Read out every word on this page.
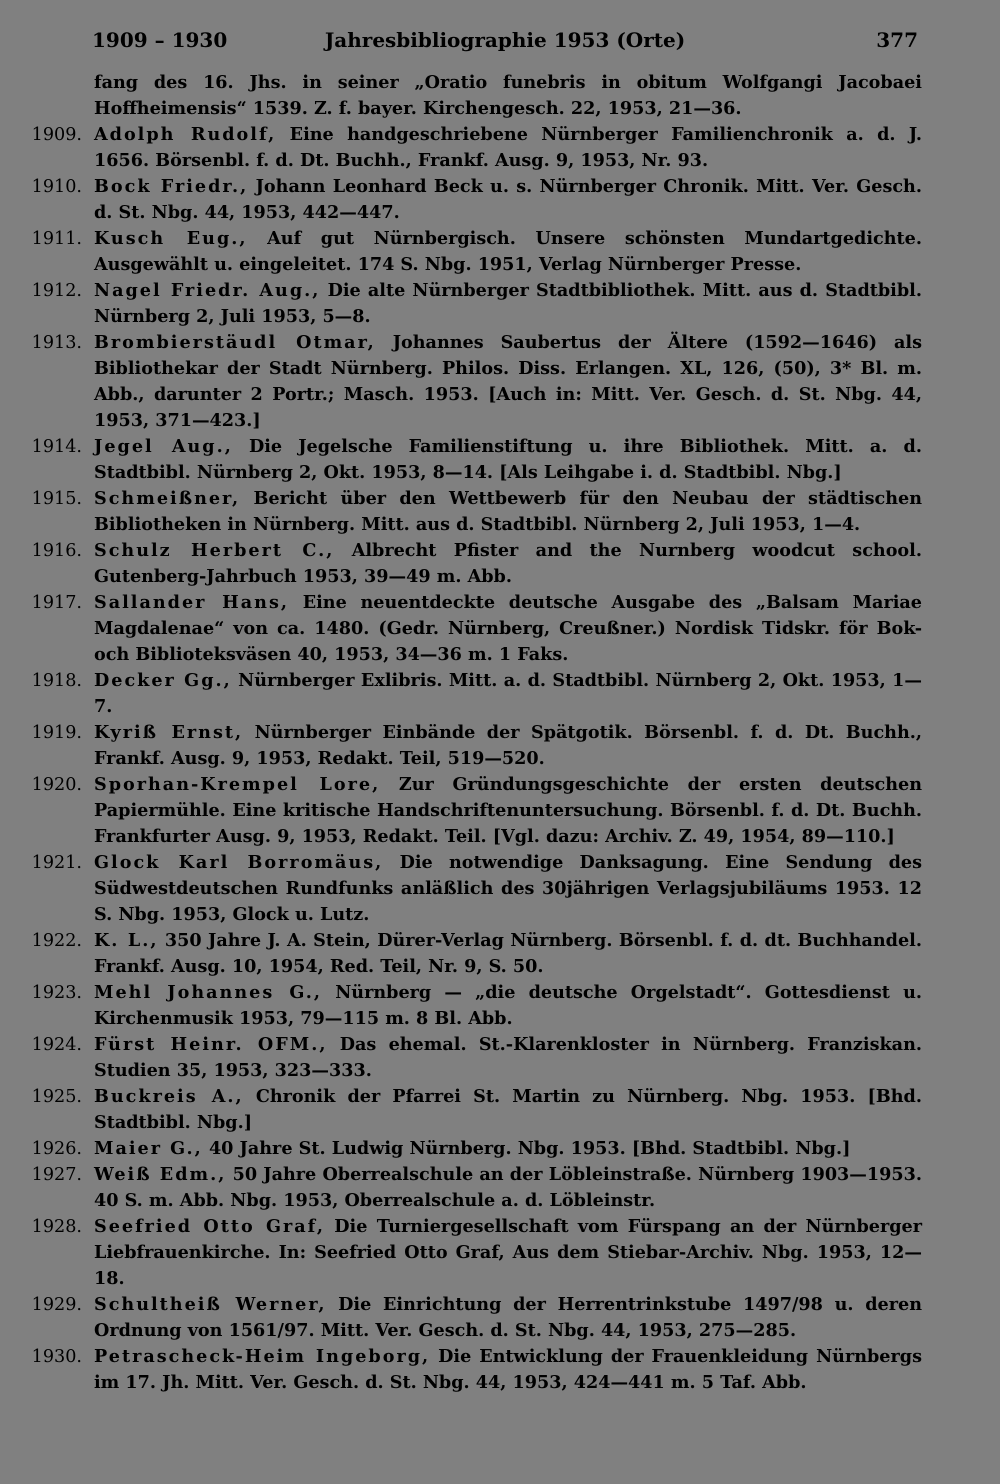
1909 – 1930	Jahresbibliographie 1953 (Orte)	377
fang des 16. Jhs. in seiner „Oratio funebris in obitum Wolfgangi Jacobaei Hoffheimensis“ 1539. Z. f. bayer. Kirchengesch. 22, 1953, 21—36.
1909. Adolph Rudolf, Eine handgeschriebene Nürnberger Familienchronik a. d. J. 1656. Börsenbl. f. d. Dt. Buchh., Frankf. Ausg. 9, 1953, Nr. 93.
1910. Bock Friedr., Johann Leonhard Beck u. s. Nürnberger Chronik. Mitt. Ver. Gesch. d. St. Nbg. 44, 1953, 442—447.
1911. Kusch Eug., Auf gut Nürnbergisch. Unsere schönsten Mundartgedichte. Ausgewählt u. eingeleitet. 174 S. Nbg. 1951, Verlag Nürnberger Presse.
1912. Nagel Friedr. Aug., Die alte Nürnberger Stadtbibliothek. Mitt. aus d. Stadtbibl. Nürnberg 2, Juli 1953, 5—8.
1913. Brombierstäudl Otmar, Johannes Saubertus der Ältere (1592—1646) als Bibliothekar der Stadt Nürnberg. Philos. Diss. Erlangen. XL, 126, (50), 3* Bl. m. Abb., darunter 2 Portr.; Masch. 1953. [Auch in: Mitt. Ver. Gesch. d. St. Nbg. 44, 1953, 371—423.]
1914. Jegel Aug., Die Jegelsche Familienstiftung u. ihre Bibliothek. Mitt. a. d. Stadtbibl. Nürnberg 2, Okt. 1953, 8—14. [Als Leihgabe i. d. Stadtbibl. Nbg.]
1915. Schmeißner, Bericht über den Wettbewerb für den Neubau der städtischen Bibliotheken in Nürnberg. Mitt. aus d. Stadtbibl. Nürnberg 2, Juli 1953, 1—4.
1916. Schulz Herbert C., Albrecht Pfister and the Nurnberg woodcut school. Gutenberg-Jahrbuch 1953, 39—49 m. Abb.
1917. Sallander Hans, Eine neuentdeckte deutsche Ausgabe des „Balsam Mariae Magdalenae“ von ca. 1480. (Gedr. Nürnberg, Creußner.) Nordisk Tidskr. för Bok-och Biblioteksväsen 40, 1953, 34—36 m. 1 Faks.
1918. Decker Gg., Nürnberger Exlibris. Mitt. a. d. Stadtbibl. Nürnberg 2, Okt. 1953, 1—7.
1919. Kyriß Ernst, Nürnberger Einbände der Spätgotik. Börsenbl. f. d. Dt. Buchh., Frankf. Ausg. 9, 1953, Redakt. Teil, 519—520.
1920. Sporhan-Krempel Lore, Zur Gründungsgeschichte der ersten deutschen Papiermühle. Eine kritische Handschriftenuntersuchung. Börsenbl. f. d. Dt. Buchh. Frankfurter Ausg. 9, 1953, Redakt. Teil. [Vgl. dazu: Archiv. Z. 49, 1954, 89—110.]
1921. Glock Karl Borromäus, Die notwendige Danksagung. Eine Sendung des Südwestdeutschen Rundfunks anläßlich des 30jährigen Verlagsjubiläums 1953. 12 S. Nbg. 1953, Glock u. Lutz.
1922. K. L., 350 Jahre J. A. Stein, Dürer-Verlag Nürnberg. Börsenbl. f. d. dt. Buchhandel. Frankf. Ausg. 10, 1954, Red. Teil, Nr. 9, S. 50.
1923. Mehl Johannes G., Nürnberg — „die deutsche Orgelstadt“. Gottesdienst u. Kirchenmusik 1953, 79—115 m. 8 Bl. Abb.
1924. Fürst Heinr. OFM., Das ehemal. St.-Klarenkloster in Nürnberg. Franziskan. Studien 35, 1953, 323—333.
1925. Buckreis A., Chronik der Pfarrei St. Martin zu Nürnberg. Nbg. 1953. [Bhd. Stadtbibl. Nbg.]
1926. Maier G., 40 Jahre St. Ludwig Nürnberg. Nbg. 1953. [Bhd. Stadtbibl. Nbg.]
1927. Weiß Edm., 50 Jahre Oberrealschule an der Löbleinstraße. Nürnberg 1903—1953. 40 S. m. Abb. Nbg. 1953, Oberrealschule a. d. Löbleinstr.
1928. Seefried Otto Graf, Die Turniergesellschaft vom Fürspang an der Nürnberger Liebfrauenkirche. In: Seefried Otto Graf, Aus dem Stiebar-Archiv. Nbg. 1953, 12—18.
1929. Schultheiß Werner, Die Einrichtung der Herrentrinkstube 1497/98 u. deren Ordnung von 1561/97. Mitt. Ver. Gesch. d. St. Nbg. 44, 1953, 275—285.
1930. Petrascheck-Heim Ingeborg, Die Entwicklung der Frauenkleidung Nürnbergs im 17. Jh. Mitt. Ver. Gesch. d. St. Nbg. 44, 1953, 424—441 m. 5 Taf. Abb.
